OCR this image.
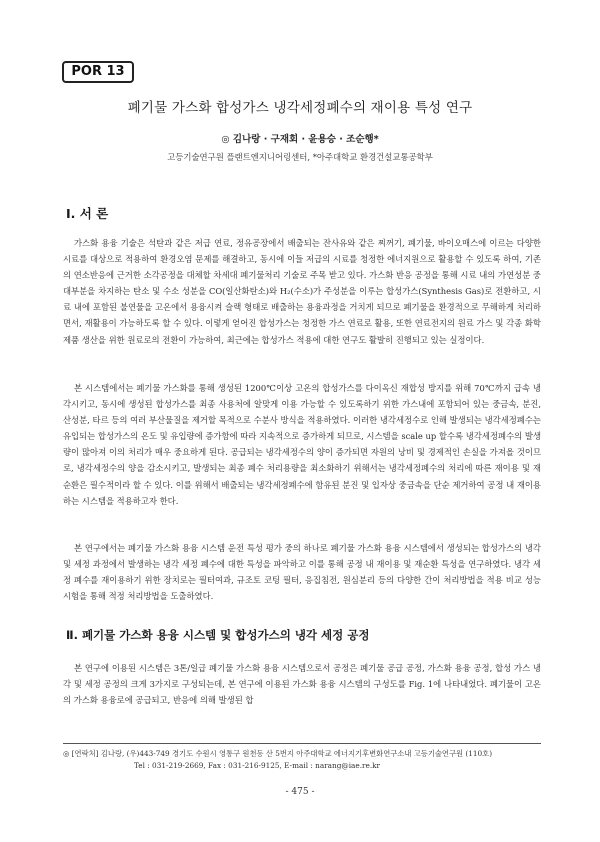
POR 13
폐기물 가스화 합성가스 냉각세정폐수의 재이용 특성 연구
◎ 김나랑 · 구재회 · 윤용승 · 조순행*
고등기술연구원 플랜트엔지니어링센터, *아주대학교 환경건설교통공학부
Ⅰ. 서 론

가스화 용융 기술은 석탄과 같은 저급 연료, 정유공장에서 배출되는 잔사유와 같은 찌꺼기, 폐기물, 바이오매스에 이르는 다양한 시료를 대상으로 적용하여 환경오염 문제를 해결하고, 동시에 이들 저급의 시료를 청정한 에너지원으로 활용할 수 있도록 하여, 기존의 연소반응에 근거한 소각공정을 대체할 차세대 폐기물처리 기술로 주목 받고 있다. 가스화 반응 공정을 통해 시료 내의 가연성분 중 대부분을 차지하는 탄소 및 수소 성분을 CO(일산화탄소)와 H₂(수소)가 주성분을 이루는 합성가스(Synthesis Gas)로 전환하고, 시료 내에 포함된 불연물을 고온에서 용융시켜 슬랙 형태로 배출하는 용융과정을 거치게 되므로 폐기물을 환경적으로 무해하게 처리하면서, 재활용이 가능하도록 할 수 있다. 이렇게 얻어진 합성가스는 청정한 가스 연료로 활용, 또한 연료전지의 원료 가스 및 각종 화학제품 생산을 위한 원료로의 전환이 가능하여, 최근에는 합성가스 적용에 대한 연구도 활발히 진행되고 있는 실정이다.

본 시스템에서는 폐기물 가스화를 통해 생성된 1200℃이상 고온의 합성가스를 다이옥신 재합성 방지를 위해 70℃까지 급속 냉각시키고, 동시에 생성된 합성가스를 최종 사용처에 알맞게 이용 가능할 수 있도록하기 위한 가스내에 포함되어 있는 중금속, 분진, 산성분, 타르 등의 여러 부산물질을 제거할 목적으로 수분사 방식을 적용하였다. 이러한 냉각세정수로 인해 발생되는 냉각세정폐수는 유입되는 합성가스의 온도 및 유입량에 증가함에 따라 지속적으로 증가하게 되므로, 시스템을 scale up 할수록 냉각세정폐수의 발생량이 많아져 이의 처리가 매우 중요하게 된다. 공급되는 냉각세정수의 양이 증가되면 자원의 낭비 및 경제적인 손실을 가져올 것이므로, 냉각세정수의 양을 감소시키고, 발생되는 최종 폐수 처리용량을 최소화하기 위해서는 냉각세정폐수의 처리에 따른 재이용 및 재순환은 필수적이라 할 수 있다. 이를 위해서 배출되는 냉각세정폐수에 함유된 분진 및 입자상 중금속을 단순 제거하여 공정 내 재이용하는 시스템을 적용하고자 한다.

본 연구에서는 폐기물 가스화 용융 시스템 운전 특성 평가 중의 하나로 폐기물 가스화 용융 시스템에서 생성되는 합성가스의 냉각 및 세정 과정에서 발생하는 냉각 세정 폐수에 대한 특성을 파악하고 이를 통해 공정 내 재이용 및 재순환 특성을 연구하였다. 냉각 세정 폐수를 재이용하기 위한 장치로는 필터여과, 규조토 코팅 필터, 응집침전, 원심분리 등의 다양한 간이 처리방법을 적용 비교 성능시험을 통해 적정 처리방법을 도출하였다.

Ⅱ. 폐기물 가스화 용융 시스템 및 합성가스의 냉각 세정 공정

본 연구에 이용된 시스템은 3톤/일급 폐기물 가스화 용융 시스템으로서 공정은 폐기물 공급 공정, 가스화 용융 공정, 합성 가스 냉각 및 세정 공정의 크게 3가지로 구성되는데, 본 연구에 이용된 가스화 용융 시스템의 구성도를 Fig. 1에 나타내었다. 폐기물이 고온의 가스화 용융로에 공급되고, 반응에 의해 발생된 합

◎ [연락처] 김나랑, (우)443-749 경기도 수원시 영통구 원천동 산 5번지 아주대학교 에너지기후변화연구소내 고등기술연구원 (110호)
Tel : 031-219-2669, Fax : 031-216-9125, E-mail : narang@iae.re.kr
- 475 -
